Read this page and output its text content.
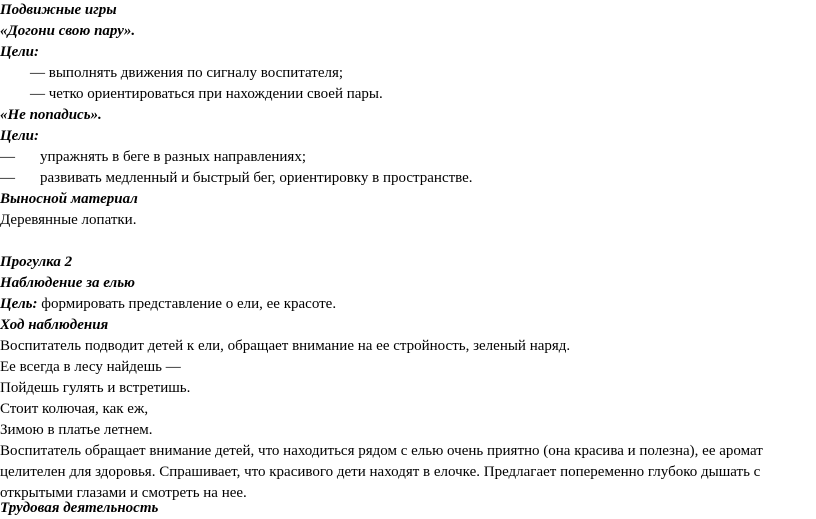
Подвижные игры
«Догони свою пару».
Цели:
— выполнять движения по сигналу воспитателя;
— четко ориентироваться при нахождении своей пары.
«Не попадись».
Цели:
— упражнять в беге в разных направлениях;
— развивать медленный и быстрый бег, ориентировку в пространстве.
Выносной материал
Деревянные лопатки.
Прогулка 2
Наблюдение за елью
Цель: формировать представление о ели, ее красоте.
Ход наблюдения
Воспитатель подводит детей к ели, обращает внимание на ее стройность, зеленый наряд.
Ее всегда в лесу найдешь —
Пойдешь гулять и встретишь.
Стоит колючая, как еж,
Зимою в платье летнем.
Воспитатель обращает внимание детей, что находиться рядом с елью очень приятно (она красива и полезна), ее аромат
целителен для здоровья. Спрашивает, что красивого дети находят в елочке. Предлагает попеременно глубоко дышать с
открытыми глазами и смотреть на нее.
Трудовая деятельность
